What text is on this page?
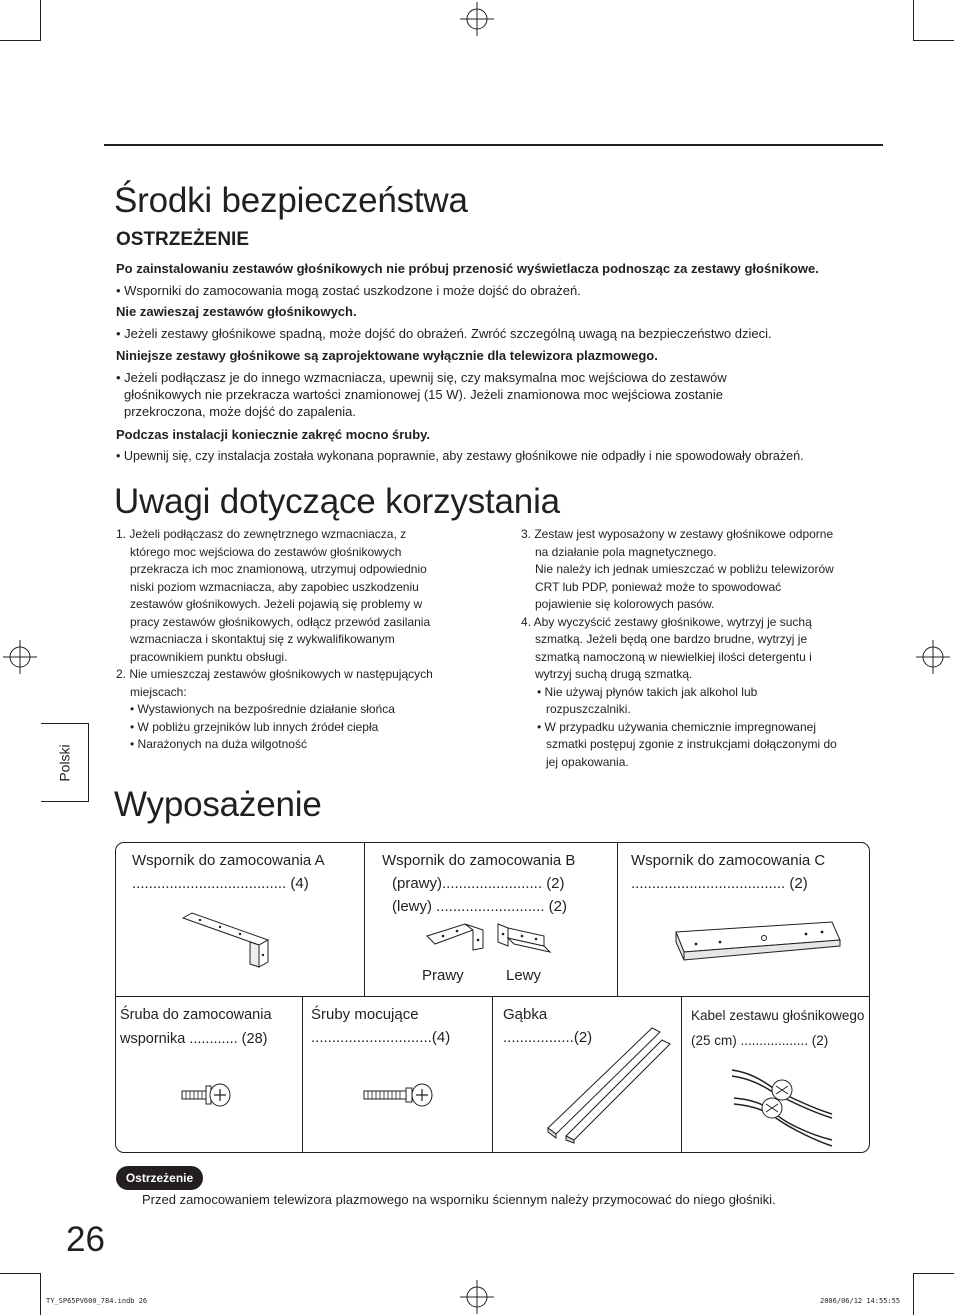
Środki bezpieczeństwa
OSTRZEŻENIE
Po zainstalowaniu zestawów głośnikowych nie próbuj przenosić wyświetlacza podnosząc za zestawy głośnikowe.
• Wsporniki do zamocowania mogą zostać uszkodzone i może dojść do obrażeń.
Nie zawieszaj zestawów głośnikowych.
• Jeżeli zestawy głośnikowe spadną, może dojść do obrażeń. Zwróć szczególną uwagą na bezpieczeństwo dzieci.
Niniejsze zestawy głośnikowe są zaprojektowane wyłącznie dla telewizora plazmowego.
• Jeżeli podłączasz je do innego wzmacniacza, upewnij się, czy maksymalna moc wejściowa do zestawów
głośnikowych nie przekracza wartości znamionowej (15 W). Jeżeli znamionowa moc wejściowa zostanie
przekroczona, może dojść do zapalenia.
Podczas instalacji koniecznie zakręć mocno śruby.
• Upewnij się, czy instalacja została wykonana poprawnie, aby zestawy głośnikowe nie odpadły i nie spowodowały obrażeń.
Uwagi dotyczące korzystania

1. Jeżeli podłączasz do zewnętrznego wzmacniacza, z

którego moc wejściowa do zestawów głośnikowych

przekracza ich moc znamionową, utrzymuj odpowiednio

niski poziom wzmacniacza, aby zapobiec uszkodzeniu

zestawów głośnikowych. Jeżeli pojawią się problemy w

pracy zestawów głośnikowych, odłącz przewód zasilania

wzmacniacza i skontaktuj się z wykwalifikowanym

pracownikiem punktu obsługi.

2. Nie umieszczaj zestawów głośnikowych w następujących

miejscach:

• Wystawionych na bezpośrednie działanie słońca

• W pobliżu grzejników lub innych źródeł ciepła

• Narażonych na duża wilgotność

3. Zestaw jest wyposażony w zestawy głośnikowe odporne

na działanie pola magnetycznego.

Nie należy ich jednak umieszczać w pobliżu telewizorów

CRT lub PDP, ponieważ może to spowodować

pojawienie się kolorowych pasów.

4. Aby wyczyścić zestawy głośnikowe, wytrzyj je suchą

szmatką. Jeżeli będą one bardzo brudne, wytrzyj je

szmatką namoczoną w niewielkiej ilości detergentu i

wytrzyj suchą drugą szmatką.

• Nie używaj płynów takich jak alkohol lub

rozpuszczalniki.

• W przypadku używania chemicznie impregnowanej

szmatki postępuj zgonie z instrukcjami dołączonymi do

jej opakowania.

Polski
Wyposażenie
Wspornik do zamocowania A
..................................... (4)
Wspornik do zamocowania B
(prawy)........................ (2)
(lewy) .......................... (2)
Prawy	Lewy
Wspornik do zamocowania C
..................................... (2)
Śruba do zamocowania
wspornika ............ (28)
Śruby mocujące
.............................(4)
Gąbka
.................(2)
Kabel zestawu głośnikowego
(25 cm) .................. (2)
Ostrzeżenie
Przed zamocowaniem telewizora plazmowego na wsporniku ściennym należy przymocować do niego głośniki.
26
TY_SP65PV600_784.indb 26	2006/06/12 14:55:55
